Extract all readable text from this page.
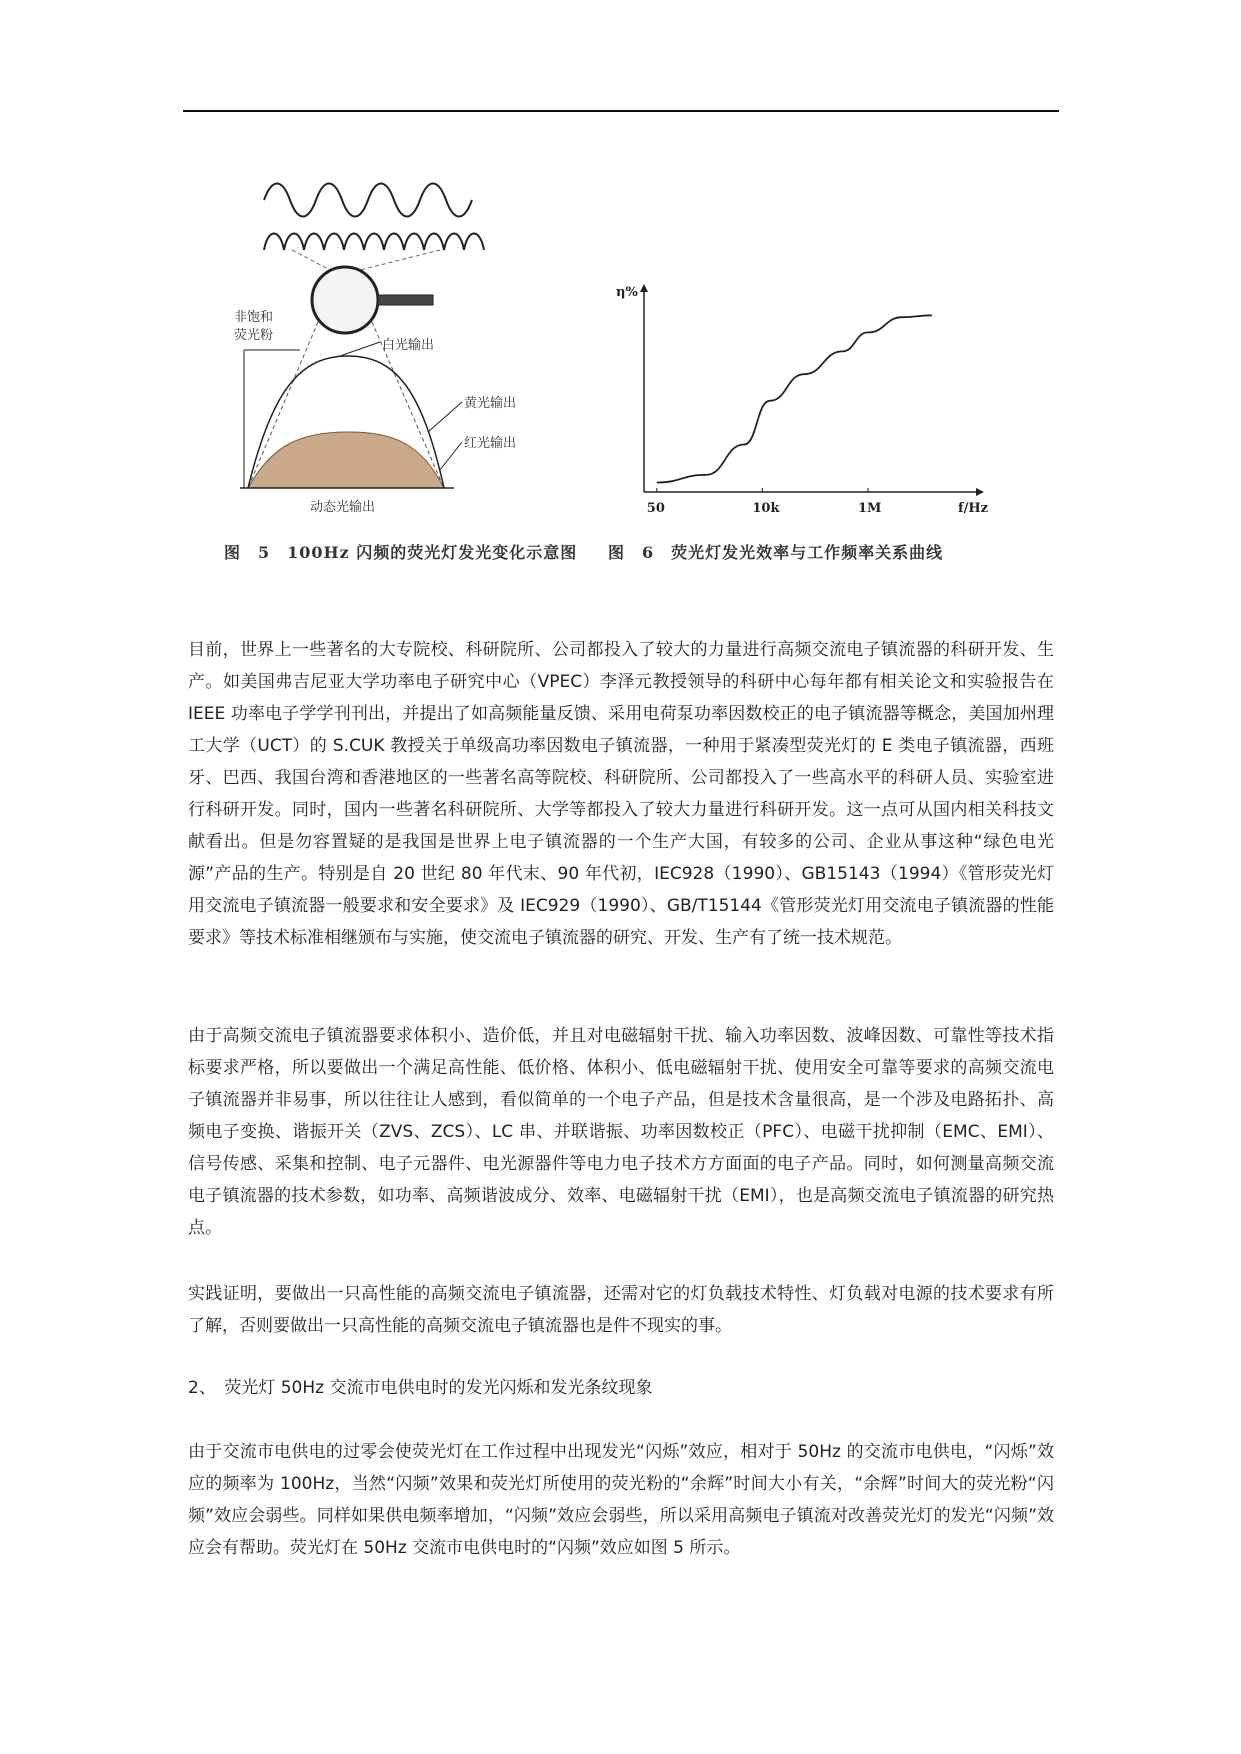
非饱和
荧光粉
白光输出
黄光输出
红光输出
动态光输出
η%
50	10k	1M	f/Hz
图　5　100Hz 闪频的荧光灯发光变化示意图 图　6　荧光灯发光效率与工作频率关系曲线

目前，世界上一些著名的大专院校、科研院所、公司都投入了较大的力量进行高频交流电子镇流器的科研开发、生产。如美国弗吉尼亚大学功率电子研究中心（VPEC）李泽元教授领导的科研中心每年都有相关论文和实验报告在 IEEE 功率电子学学刊刊出，并提出了如高频能量反馈、采用电荷泵功率因数校正的电子镇流器等概念，美国加州理工大学（UCT）的 S.CUK 教授关于单级高功率因数电子镇流器，一种用于紧凑型荧光灯的 E 类电子镇流器，西班牙、巴西、我国台湾和香港地区的一些著名高等院校、科研院所、公司都投入了一些高水平的科研人员、实验室进行科研开发。同时，国内一些著名科研院所、大学等都投入了较大力量进行科研开发。这一点可从国内相关科技文献看出。但是勿容置疑的是我国是世界上电子镇流器的一个生产大国，有较多的公司、企业从事这种“绿色电光源”产品的生产。特别是自 20 世纪 80 年代末、90 年代初，IEC928（1990）、GB15143（1994）《管形荧光灯用交流电子镇流器一般要求和安全要求》及 IEC929（1990）、GB/T15144《管形荧光灯用交流电子镇流器的性能要求》等技术标准相继颁布与实施，使交流电子镇流器的研究、开发、生产有了统一技术规范。

由于高频交流电子镇流器要求体积小、造价低，并且对电磁辐射干扰、输入功率因数、波峰因数、可靠性等技术指标要求严格，所以要做出一个满足高性能、低价格、体积小、低电磁辐射干扰、使用安全可靠等要求的高频交流电子镇流器并非易事，所以往往让人感到，看似简单的一个电子产品，但是技术含量很高，是一个涉及电路拓扑、高频电子变换、谐振开关（ZVS、ZCS）、LC 串、并联谐振、功率因数校正（PFC）、电磁干扰抑制（EMC、EMI）、信号传感、采集和控制、电子元器件、电光源器件等电力电子技术方方面面的电子产品。同时，如何测量高频交流电子镇流器的技术参数，如功率、高频谐波成分、效率、电磁辐射干扰（EMI），也是高频交流电子镇流器的研究热点。

实践证明，要做出一只高性能的高频交流电子镇流器，还需对它的灯负载技术特性、灯负载对电源的技术要求有所了解，否则要做出一只高性能的高频交流电子镇流器也是件不现实的事。

2、　荧光灯 50Hz 交流市电供电时的发光闪烁和发光条纹现象

由于交流市电供电的过零会使荧光灯在工作过程中出现发光“闪烁”效应，相对于 50Hz 的交流市电供电，“闪烁”效应的频率为 100Hz，当然“闪频”效果和荧光灯所使用的荧光粉的“余辉”时间大小有关，“余辉”时间大的荧光粉“闪频”效应会弱些。同样如果供电频率增加，“闪频”效应会弱些，所以采用高频电子镇流对改善荧光灯的发光“闪频”效应会有帮助。荧光灯在 50Hz 交流市电供电时的“闪频”效应如图 5 所示。
